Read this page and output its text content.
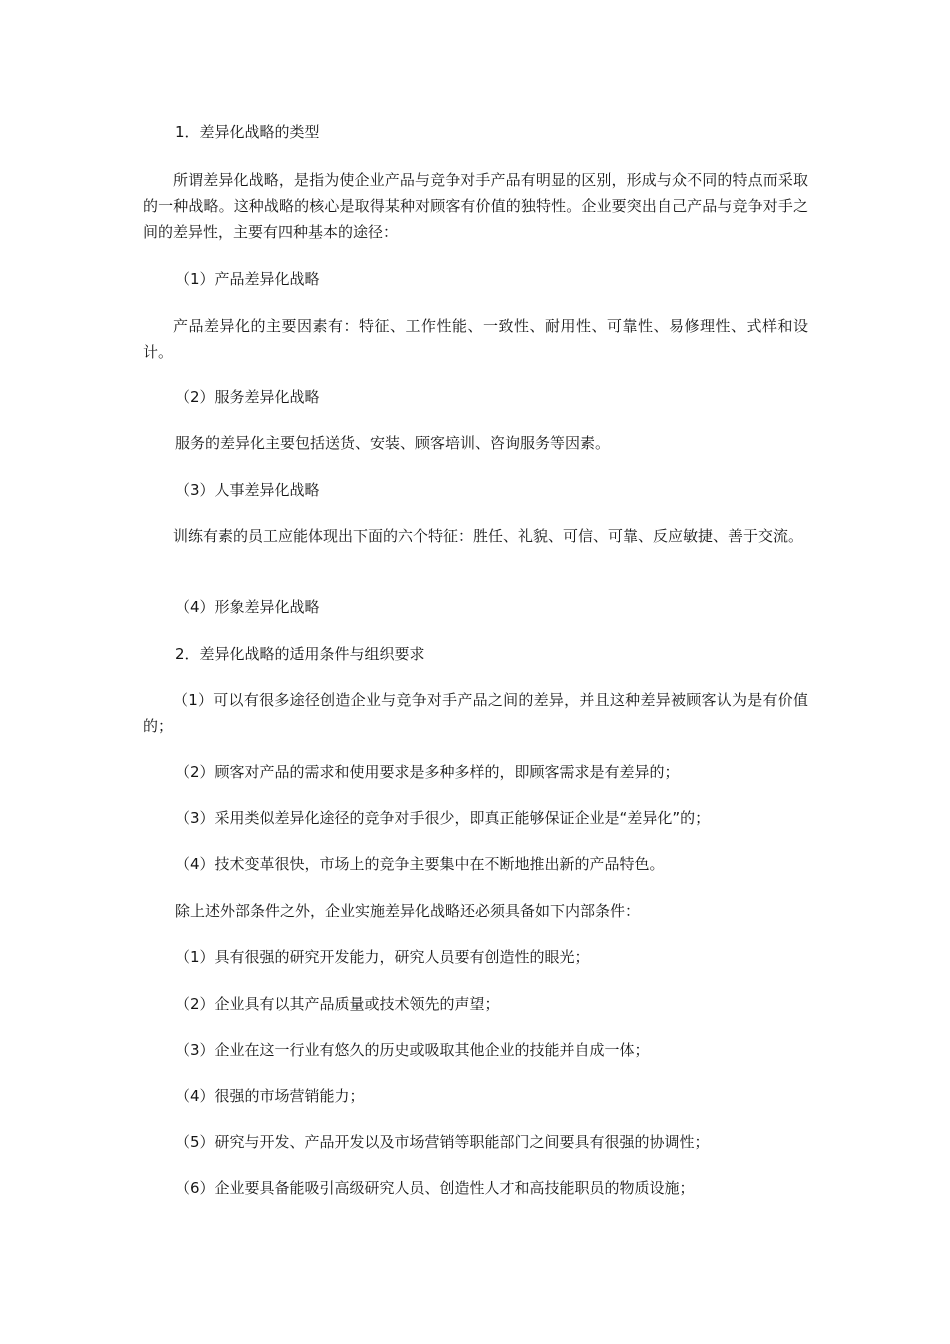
1．差异化战略的类型
所谓差异化战略，是指为使企业产品与竞争对手产品有明显的区别，形成与众不同的特点而采取的一种战略。这种战略的核心是取得某种对顾客有价值的独特性。企业要突出自己产品与竞争对手之间的差异性，主要有四种基本的途径：
（1）产品差异化战略
产品差异化的主要因素有：特征、工作性能、一致性、耐用性、可靠性、易修理性、式样和设计。
（2）服务差异化战略
服务的差异化主要包括送货、安装、顾客培训、咨询服务等因素。
（3）人事差异化战略
训练有素的员工应能体现出下面的六个特征：胜任、礼貌、可信、可靠、反应敏捷、善于交流。
（4）形象差异化战略
2．差异化战略的适用条件与组织要求
（1）可以有很多途径创造企业与竞争对手产品之间的差异，并且这种差异被顾客认为是有价值的；
（2）顾客对产品的需求和使用要求是多种多样的，即顾客需求是有差异的；
（3）采用类似差异化途径的竞争对手很少，即真正能够保证企业是“差异化”的；
（4）技术变革很快，市场上的竞争主要集中在不断地推出新的产品特色。
除上述外部条件之外，企业实施差异化战略还必须具备如下内部条件：
（1）具有很强的研究开发能力，研究人员要有创造性的眼光；
（2）企业具有以其产品质量或技术领先的声望；
（3）企业在这一行业有悠久的历史或吸取其他企业的技能并自成一体；
（4）很强的市场营销能力；
（5）研究与开发、产品开发以及市场营销等职能部门之间要具有很强的协调性；
（6）企业要具备能吸引高级研究人员、创造性人才和高技能职员的物质设施；
